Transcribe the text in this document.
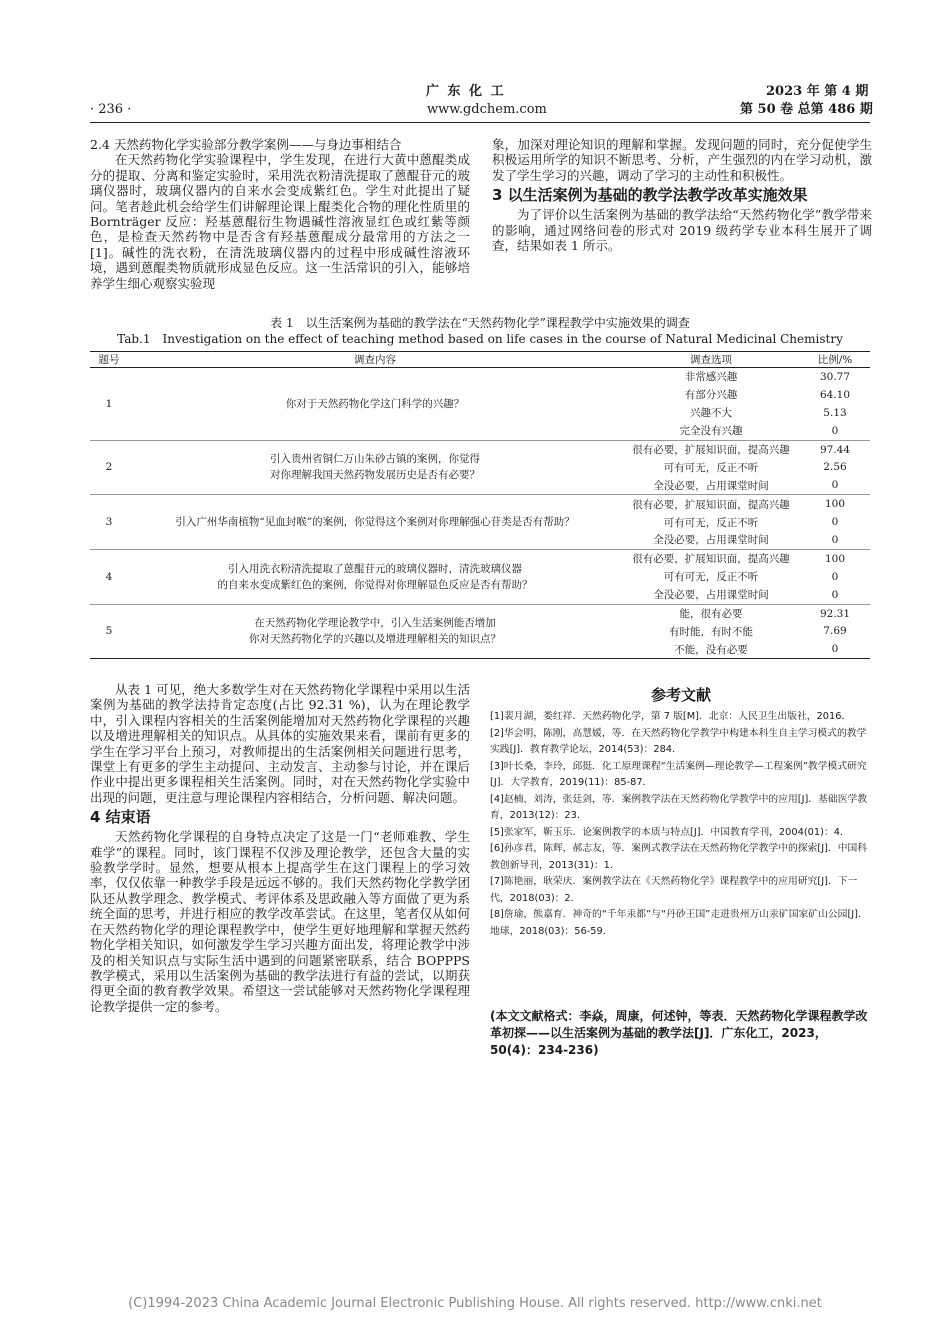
广 东 化 工	2023 年 第 4 期
· 236 ·	www.gdchem.com	第 50 卷 总第 486 期

2.4 天然药物化学实验部分教学案例——与身边事相结合

在天然药物化学实验课程中，学生发现，在进行大黄中蒽醌类成分的提取、分离和鉴定实验时，采用洗衣粉清洗提取了蒽醌苷元的玻璃仪器时，玻璃仪器内的自来水会变成紫红色。学生对此提出了疑问。笔者趁此机会给学生们讲解理论课上醌类化合物的理化性质里的 Bornträger 反应：羟基蒽醌衍生物遇碱性溶液显红色或红紫等颜色，是检查天然药物中是否含有羟基蒽醌成分最常用的方法之一[1]。碱性的洗衣粉，在清洗玻璃仪器内的过程中形成碱性溶液环境，遇到蒽醌类物质就形成显色反应。这一生活常识的引入，能够培养学生细心观察实验现

象，加深对理论知识的理解和掌握。发现问题的同时，充分促使学生积极运用所学的知识不断思考、分析，产生强烈的内在学习动机，激发了学生学习的兴趣，调动了学习的主动性和积极性。

3 以生活案例为基础的教学法教学改革实施效果

为了评价以生活案例为基础的教学法给“天然药物化学”教学带来的影响，通过网络问卷的形式对 2019 级药学专业本科生展开了调查，结果如表 1 所示。

表 1　以生活案例为基础的教学法在“天然药物化学”课程教学中实施效果的调查
Tab.1　Investigation on the effect of teaching method based on life cases in the course of Natural Medicinal Chemistry
题号	调查内容	调查选项	比例/%
1	你对于天然药物化学这门科学的兴趣？	非常感兴趣	30.77
		有部分兴趣	64.10
		兴趣不大	5.13
		完全没有兴趣	0
2	引入贵州省铜仁万山朱砂古镇的案例，你觉得
对你理解我国天然药物发展历史是否有必要？	很有必要，扩展知识面，提高兴趣	97.44
		可有可无，反正不听	2.56
		全没必要，占用课堂时间	0
3	引入广州华南植物“见血封喉”的案例，你觉得这个案例对你理解强心苷类是否有帮助？	很有必要，扩展知识面，提高兴趣	100
		可有可无，反正不听	0
		全没必要，占用课堂时间	0
4	引入用洗衣粉清洗提取了蒽醌苷元的玻璃仪器时，清洗玻璃仪器
的自来水变成紫红色的案例，你觉得对你理解显色反应是否有帮助？	很有必要，扩展知识面，提高兴趣	100
		可有可无，反正不听	0
		全没必要，占用课堂时间	0
5	在天然药物化学理论教学中，引入生活案例能否增加
你对天然药物化学的兴趣以及增进理解相关的知识点？	能，很有必要	92.31
		有时能，有时不能	7.69
		不能，没有必要	0

从表 1 可见，绝大多数学生对在天然药物化学课程中采用以生活案例为基础的教学法持肯定态度(占比 92.31 %)，认为在理论教学中，引入课程内容相关的生活案例能增加对天然药物化学课程的兴趣以及增进理解相关的知识点。从具体的实施效果来看，课前有更多的学生在学习平台上预习，对教师提出的生活案例相关问题进行思考，课堂上有更多的学生主动提问、主动发言、主动参与讨论，并在课后作业中提出更多课程相关生活案例。同时，对在天然药物化学实验中出现的问题，更注意与理论课程内容相结合，分析问题、解决问题。

4 结束语

天然药物化学课程的自身特点决定了这是一门“老师难教、学生难学”的课程。同时，该门课程不仅涉及理论教学，还包含大量的实验教学学时。显然，想要从根本上提高学生在这门课程上的学习效率，仅仅依靠一种教学手段是远远不够的。我们天然药物化学教学团队还从教学理念、教学模式、考评体系及思政融入等方面做了更为系统全面的思考，并进行相应的教学改革尝试。在这里，笔者仅从如何在天然药物化学的理论课程教学中，使学生更好地理解和掌握天然药物化学相关知识，如何激发学生学习兴趣方面出发，将理论教学中涉及的相关知识点与实际生活中遇到的问题紧密联系，结合 BOPPPS 教学模式，采用以生活案例为基础的教学法进行有益的尝试，以期获得更全面的教育教学效果。希望这一尝试能够对天然药物化学课程理论教学提供一定的参考。

参考文献

[1]裴月湖，娄红祥．天然药物化学，第 7 版[M]．北京：人民卫生出版社，2016．

[2]华会明，陈刚，高慧媛，等．在天然药物化学教学中构建本科生自主学习模式的教学实践[J]．教育教学论坛，2014(53)：284．

[3]叶长桑，李玲，邱挺．化工原理课程“生活案例—理论教学—工程案例”教学模式研究[J]．大学教育，2019(11)：85-87．

[4]赵楠，刘涛，张廷剑，等．案例教学法在天然药物化学教学中的应用[J]．基础医学教育，2013(12)：23．

[5]张家军，靳玉乐．论案例教学的本质与特点[J]．中国教育学刊，2004(01)：4．

[6]孙彦君，陈辉，郝志友，等．案例式教学法在天然药物化学教学中的探索[J]．中国科教创新导刊，2013(31)：1．

[7]陈艳丽，耿荣庆．案例教学法在《天然药物化学》课程教学中的应用研究[J]．下一代，2018(03)：2．

[8]詹瑜，熊嘉育．神奇的“千年汞都”与“丹砂王国”走进贵州万山汞矿国家矿山公园[J]．地球，2018(03)：56-59．

(本文文献格式：李焱，周康，何述钟，等表．天然药物化学课程教学改革初探——以生活案例为基础的教学法[J]．广东化工，2023，50(4)：234-236)
(C)1994-2023 China Academic Journal Electronic Publishing House. All rights reserved. http://www.cnki.net
